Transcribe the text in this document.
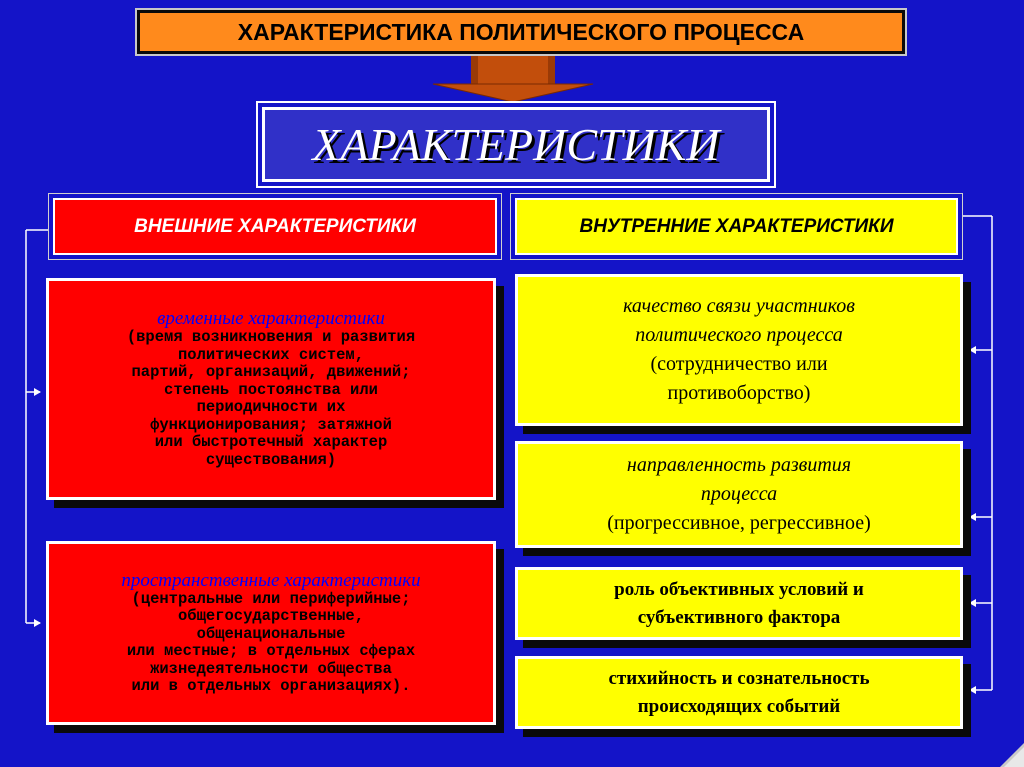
ХАРАКТЕРИСТИКА ПОЛИТИЧЕСКОГО ПРОЦЕССА
ХАРАКТЕРИСТИКИ
ВНЕШНИЕ ХАРАКТЕРИСТИКИ	ВНУТРЕННИЕ ХАРАКТЕРИСТИКИ
временные характеристики
(время возникновения и развития
политических систем,
партий, организаций, движений;
степень постоянства или
периодичности их
функционирования; затяжной
или быстротечный характер
существования)
пространственные характеристики
(центральные или периферийные;
общегосударственные,
общенациональные
или местные; в отдельных сферах
жизнедеятельности общества
или в отдельных организациях).
качество связи участников
политического процесса
(сотрудничество или
противоборство)
направленность развития
процесса
(прогрессивное, регрессивное)
роль объективных условий и
субъективного фактора
стихийность и сознательность
происходящих событий
